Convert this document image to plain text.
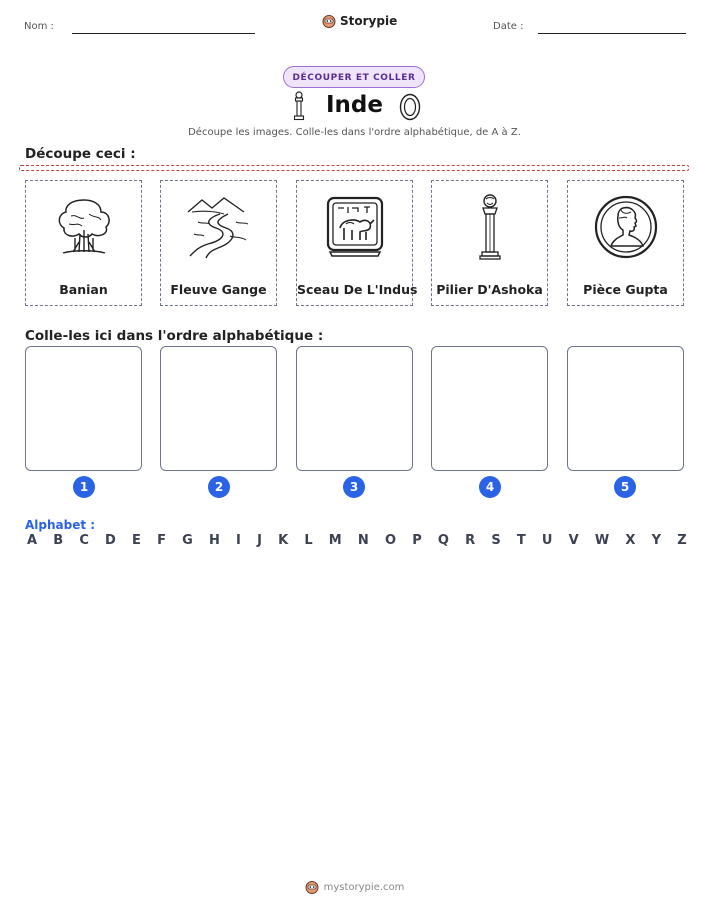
Nom :	Storypie	Date :
DÉCOUPER ET COLLER
Inde
Découpe les images. Colle-les dans l'ordre alphabétique, de A à Z.
Découpe ceci :
Banian	Fleuve Gange	Sceau De L'Indus	Pilier D'Ashoka	Pièce Gupta
Colle-les ici dans l'ordre alphabétique :
1	2	3	4	5
Alphabet :
A B C D E F G H I J K L M N O P Q R S T U V W X Y Z
mystorypie.com
